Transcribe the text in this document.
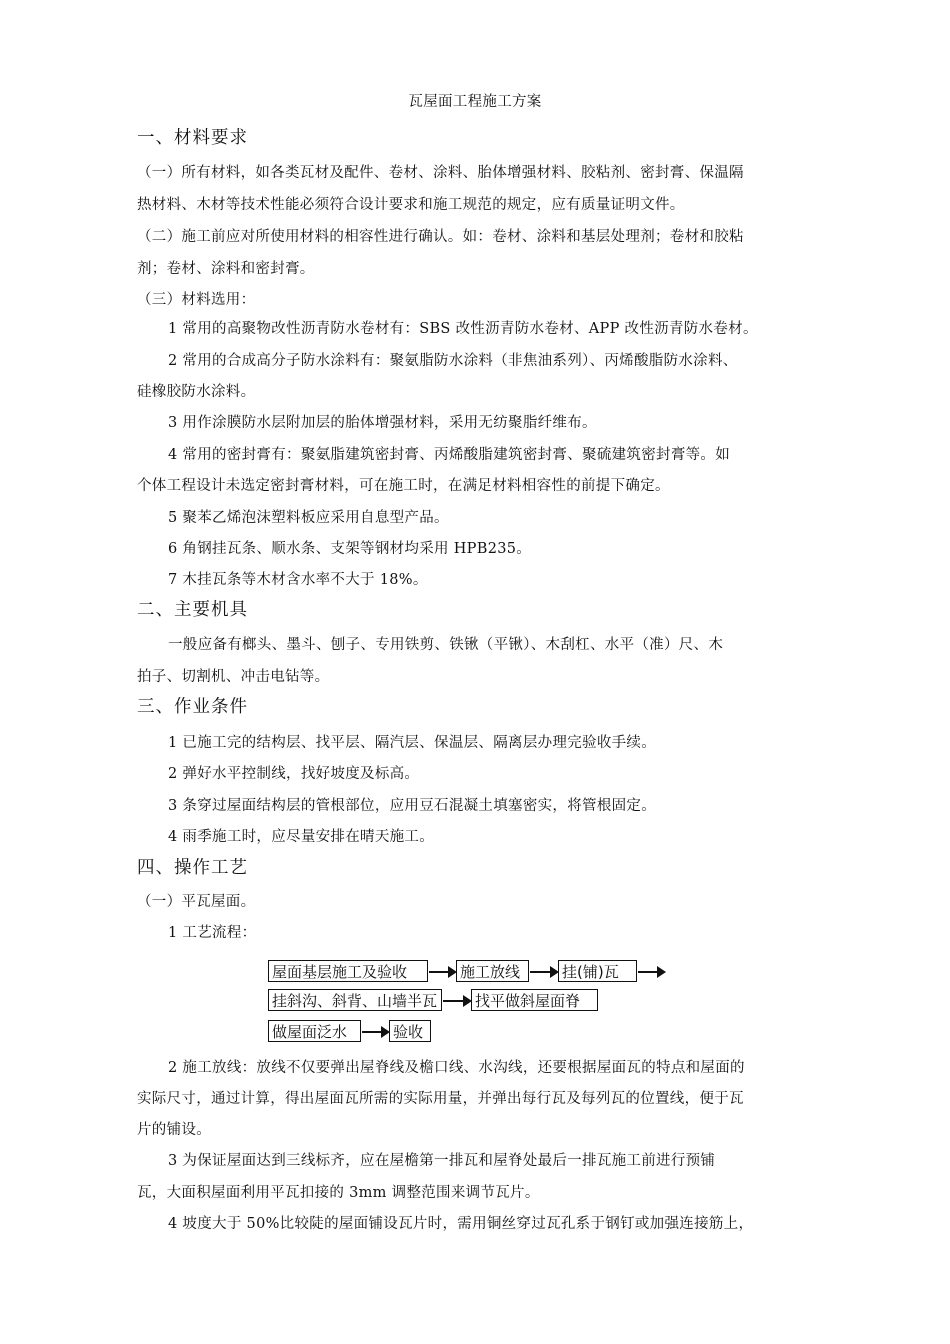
瓦屋面工程施工方案
一、材料要求
（一）所有材料，如各类瓦材及配件、卷材、涂料、胎体增强材料、胶粘剂、密封膏、保温隔
热材料、木材等技术性能必须符合设计要求和施工规范的规定，应有质量证明文件。
（二）施工前应对所使用材料的相容性进行确认。如：卷材、涂料和基层处理剂；卷材和胶粘
剂；卷材、涂料和密封膏。
（三）材料选用：
1 常用的高聚物改性沥青防水卷材有：SBS 改性沥青防水卷材、APP 改性沥青防水卷材。
2 常用的合成高分子防水涂料有：聚氨脂防水涂料（非焦油系列）、丙烯酸脂防水涂料、
硅橡胶防水涂料。
3 用作涂膜防水层附加层的胎体增强材料，采用无纺聚脂纤维布。
4 常用的密封膏有：聚氨脂建筑密封膏、丙烯酸脂建筑密封膏、聚硫建筑密封膏等。如
个体工程设计未选定密封膏材料，可在施工时，在满足材料相容性的前提下确定。
5 聚苯乙烯泡沫塑料板应采用自息型产品。
6 角钢挂瓦条、顺水条、支架等钢材均采用 HPB235。
7 木挂瓦条等木材含水率不大于 18%。
二、主要机具
一般应备有榔头、墨斗、刨子、专用铁剪、铁锹（平锹）、木刮杠、水平（准）尺、木
拍子、切割机、冲击电钻等。
三、作业条件
1 已施工完的结构层、找平层、隔汽层、保温层、隔离层办理完验收手续。
2 弹好水平控制线，找好坡度及标高。
3 条穿过屋面结构层的管根部位，应用豆石混凝土填塞密实，将管根固定。
4 雨季施工时，应尽量安排在晴天施工。
四、操作工艺
（一）平瓦屋面。
1 工艺流程：
屋面基层施工及验收	施工放线	挂(铺)瓦
挂斜沟、斜背、山墙半瓦	找平做斜屋面脊
做屋面泛水	验收
2 施工放线：放线不仅要弹出屋脊线及檐口线、水沟线，还要根据屋面瓦的特点和屋面的
实际尺寸，通过计算，得出屋面瓦所需的实际用量，并弹出每行瓦及每列瓦的位置线，便于瓦
片的铺设。
3 为保证屋面达到三线标齐，应在屋檐第一排瓦和屋脊处最后一排瓦施工前进行预铺
瓦，大面积屋面利用平瓦扣接的 3mm 调整范围来调节瓦片。
4 坡度大于 50%比较陡的屋面铺设瓦片时，需用铜丝穿过瓦孔系于钢钉或加强连接筋上，
